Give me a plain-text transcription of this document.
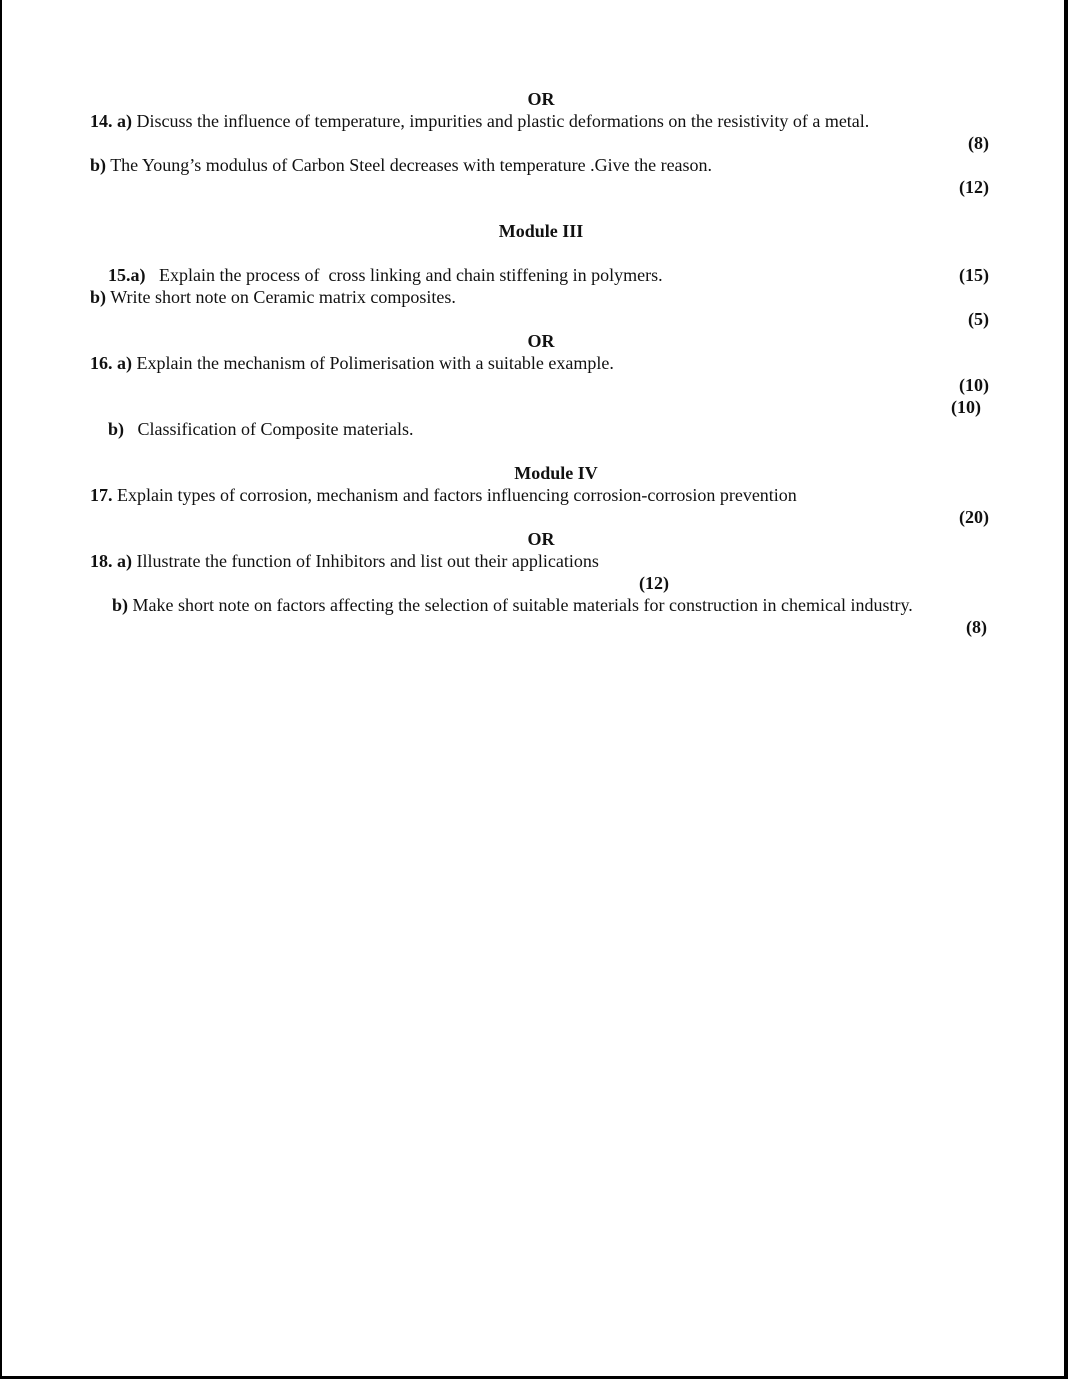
OR
14. a) Discuss the influence of temperature, impurities and plastic deformations on the resistivity of a metal.
(8)
b) The Young’s modulus of Carbon Steel decreases with temperature .Give the reason.
(12)
Module III

15.a)   Explain the process of  cross linking and chain stiffening in polymers.
	(15)
b) Write short note on Ceramic matrix composites.
(5)
OR
16. a) Explain the mechanism of Polimerisation with a suitable example.
(10)

b)   Classification of Composite materials.

(10)
Module IV
17. Explain types of corrosion, mechanism and factors influencing corrosion-corrosion prevention
(20)
OR
18. a) Illustrate the function of Inhibitors and list out their applications
(12)
b) Make short note on factors affecting the selection of suitable materials for construction in chemical industry.
(8)
